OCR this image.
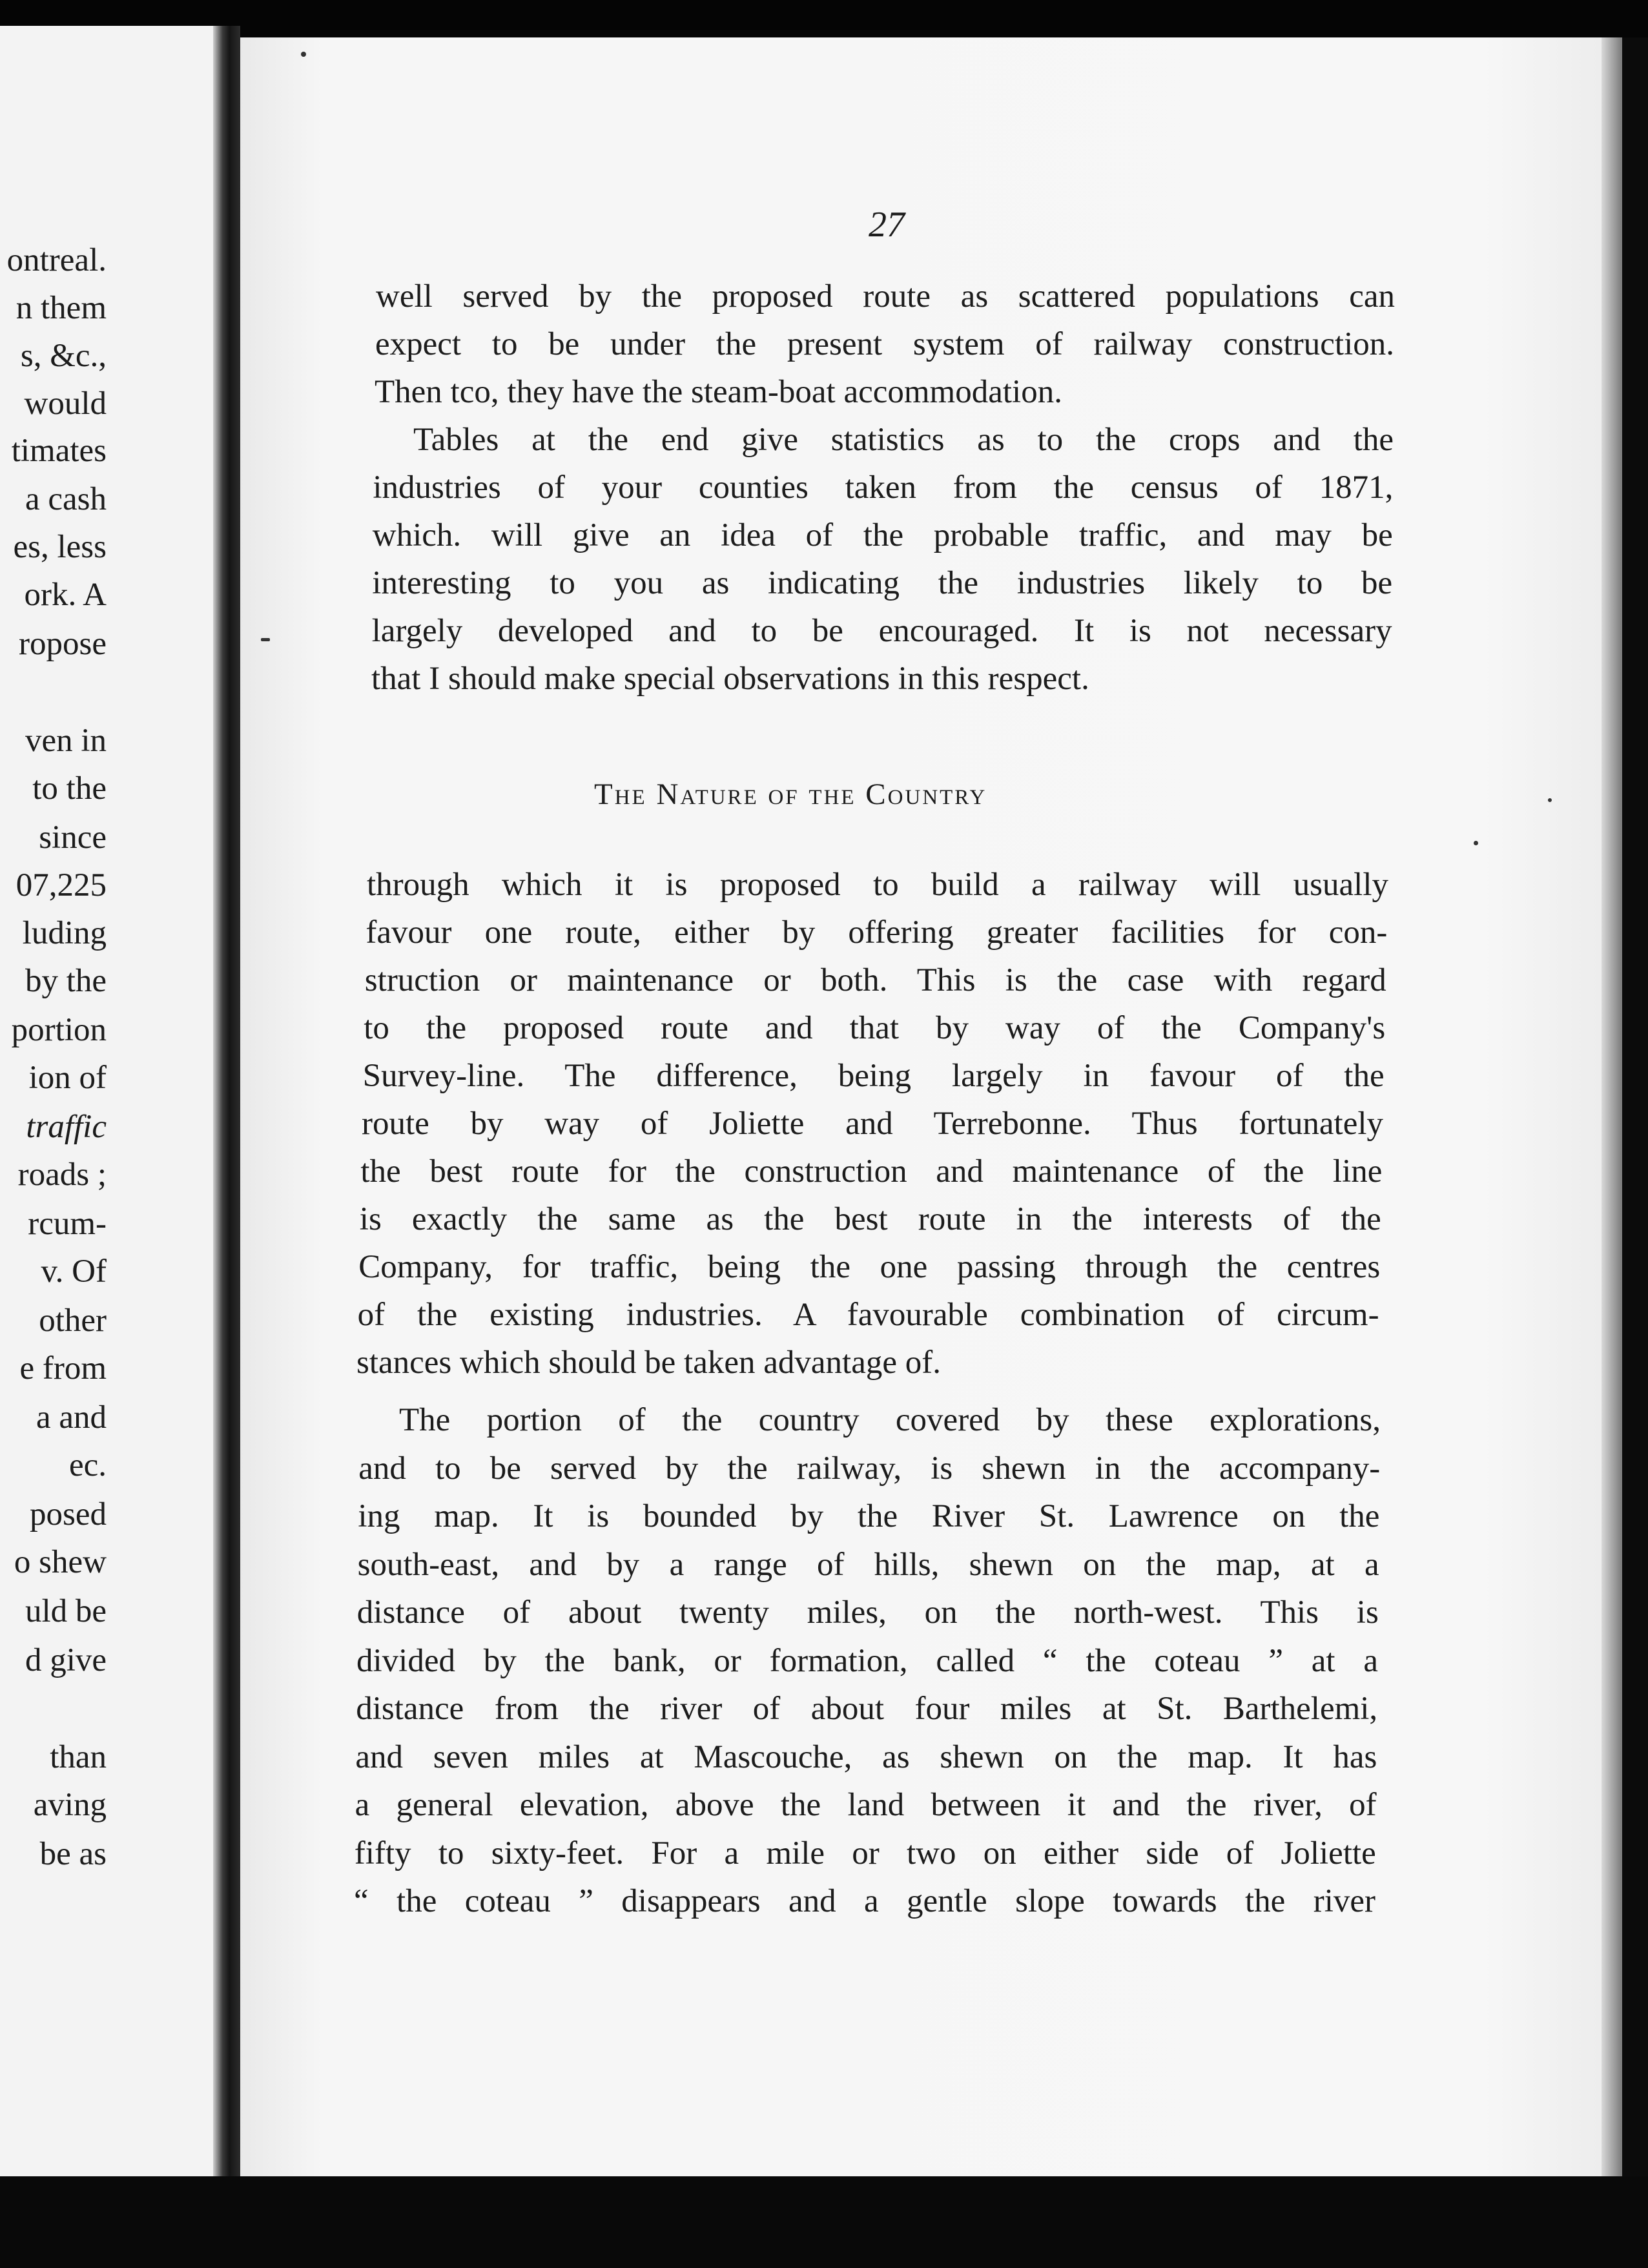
ontreal.
n them
s, &c.,
would
timates
a cash
es, less
ork. A
ropose
ven in
to the
since
07,225
luding
by the
portion
ion of
traffic
roads ;
rcum-
v. Of
other
e from
a and
ec.
posed
o shew
uld be
d give
than
aving
be as
27
well served by the proposed route as scattered populations can
expect to be under the present system of railway construction.
Then tco, they have the steam-boat accommodation.
Tables at the end give statistics as to the crops and the
industries of your counties taken from the census of 1871,
which. will give an idea of the probable traffic, and may be
interesting to you as indicating the industries likely to be
largely developed and to be encouraged. It is not necessary
that I should make special observations in this respect.
The Nature of the Country
through which it is proposed to build a railway will usually
favour one route, either by offering greater facilities for con-
struction or maintenance or both. This is the case with regard
to the proposed route and that by way of the Company's
Survey-line. The difference, being largely in favour of the
route by way of Joliette and Terrebonne. Thus fortunately
the best route for the construction and maintenance of the line
is exactly the same as the best route in the interests of the
Company, for traffic, being the one passing through the centres
of the existing industries. A favourable combination of circum-
stances which should be taken advantage of.
The portion of the country covered by these explorations,
and to be served by the railway, is shewn in the accompany-
ing map. It is bounded by the River St. Lawrence on the
south-east, and by a range of hills, shewn on the map, at a
distance of about twenty miles, on the north-west. This is
divided by the bank, or formation, called “ the coteau ” at a
distance from the river of about four miles at St. Barthelemi,
and seven miles at Mascouche, as shewn on the map. It has
a general elevation, above the land between it and the river, of
fifty to sixty-feet. For a mile or two on either side of Joliette
“ the coteau ” disappears and a gentle slope towards the river
